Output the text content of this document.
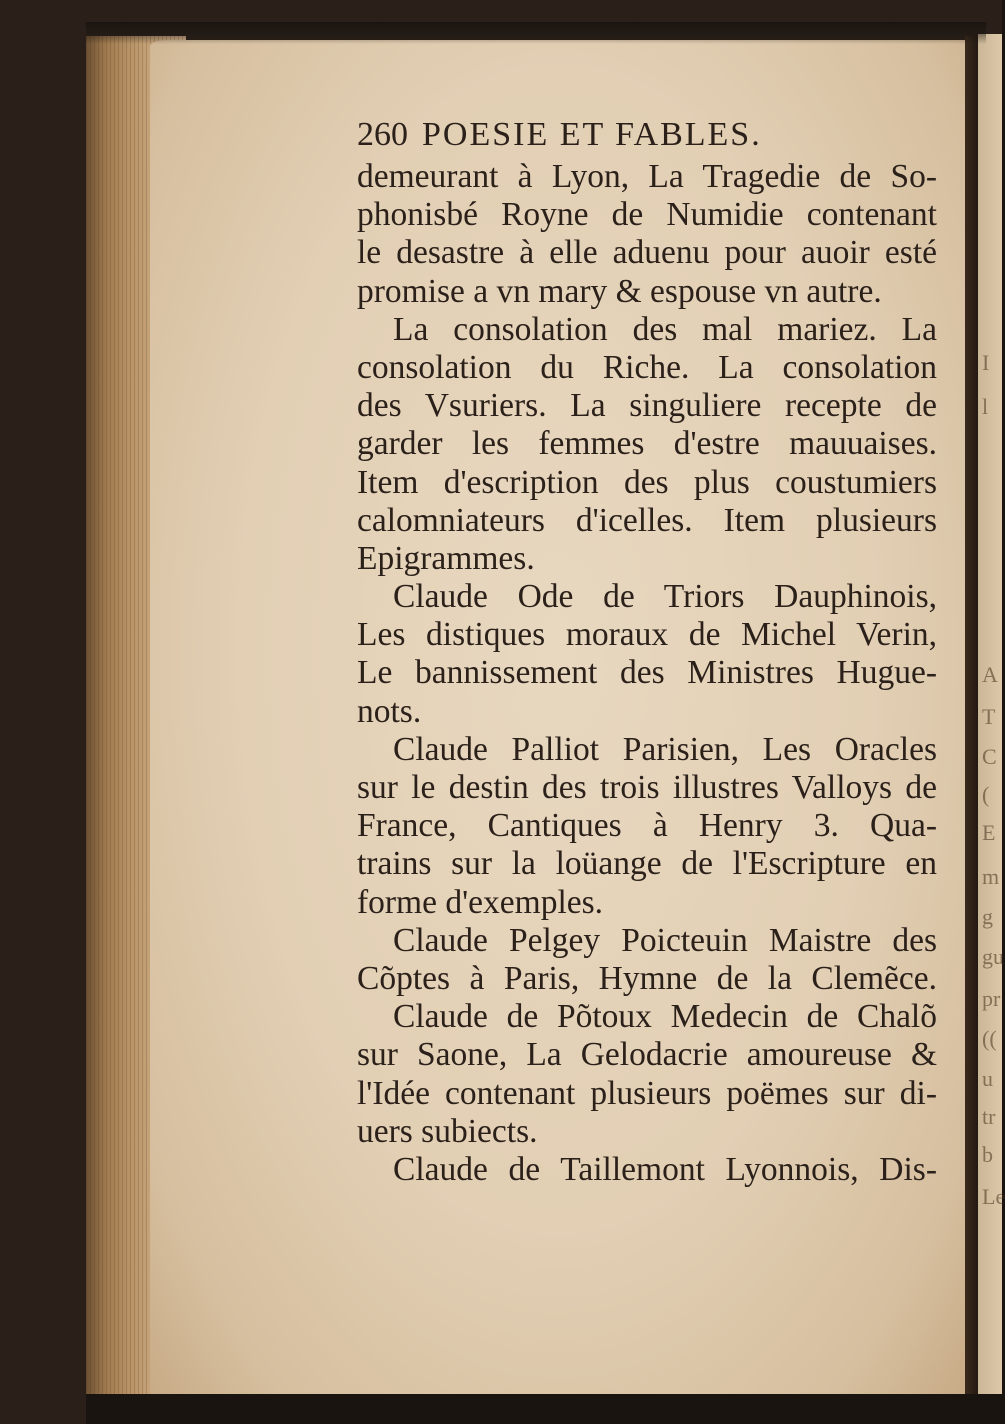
I
l
A
T
C
(
E
m
g
gu
pr
((
u
tr
b
Le
260 POESIE ET FABLES.
demeurant à Lyon, La Tragedie de So-
phonisbé Royne de Numidie contenant
le desastre à elle aduenu pour auoir esté
promise a vn mary & espouse vn autre.
La consolation des mal mariez. La
consolation du Riche. La consolation
des Vsuriers. La singuliere recepte de
garder les femmes d'estre mauuaises.
Item d'escription des plus coustumiers
calomniateurs d'icelles. Item plusieurs
Epigrammes.
Claude Ode de Triors Dauphinois,
Les distiques moraux de Michel Verin,
Le bannissement des Ministres Hugue-
nots.
Claude Palliot Parisien, Les Oracles
sur le destin des trois illustres Valloys de
France, Cantiques à Henry 3. Qua-
trains sur la loüange de l'Escripture en
forme d'exemples.
Claude Pelgey Poicteuin Maistre des
Cõptes à Paris, Hymne de la Clemẽce.
Claude de Põtoux Medecin de Chalõ
sur Saone, La Gelodacrie amoureuse &
l'Idée contenant plusieurs poëmes sur di-
uers subiects.
Claude de Taillemont Lyonnois, Dis-
